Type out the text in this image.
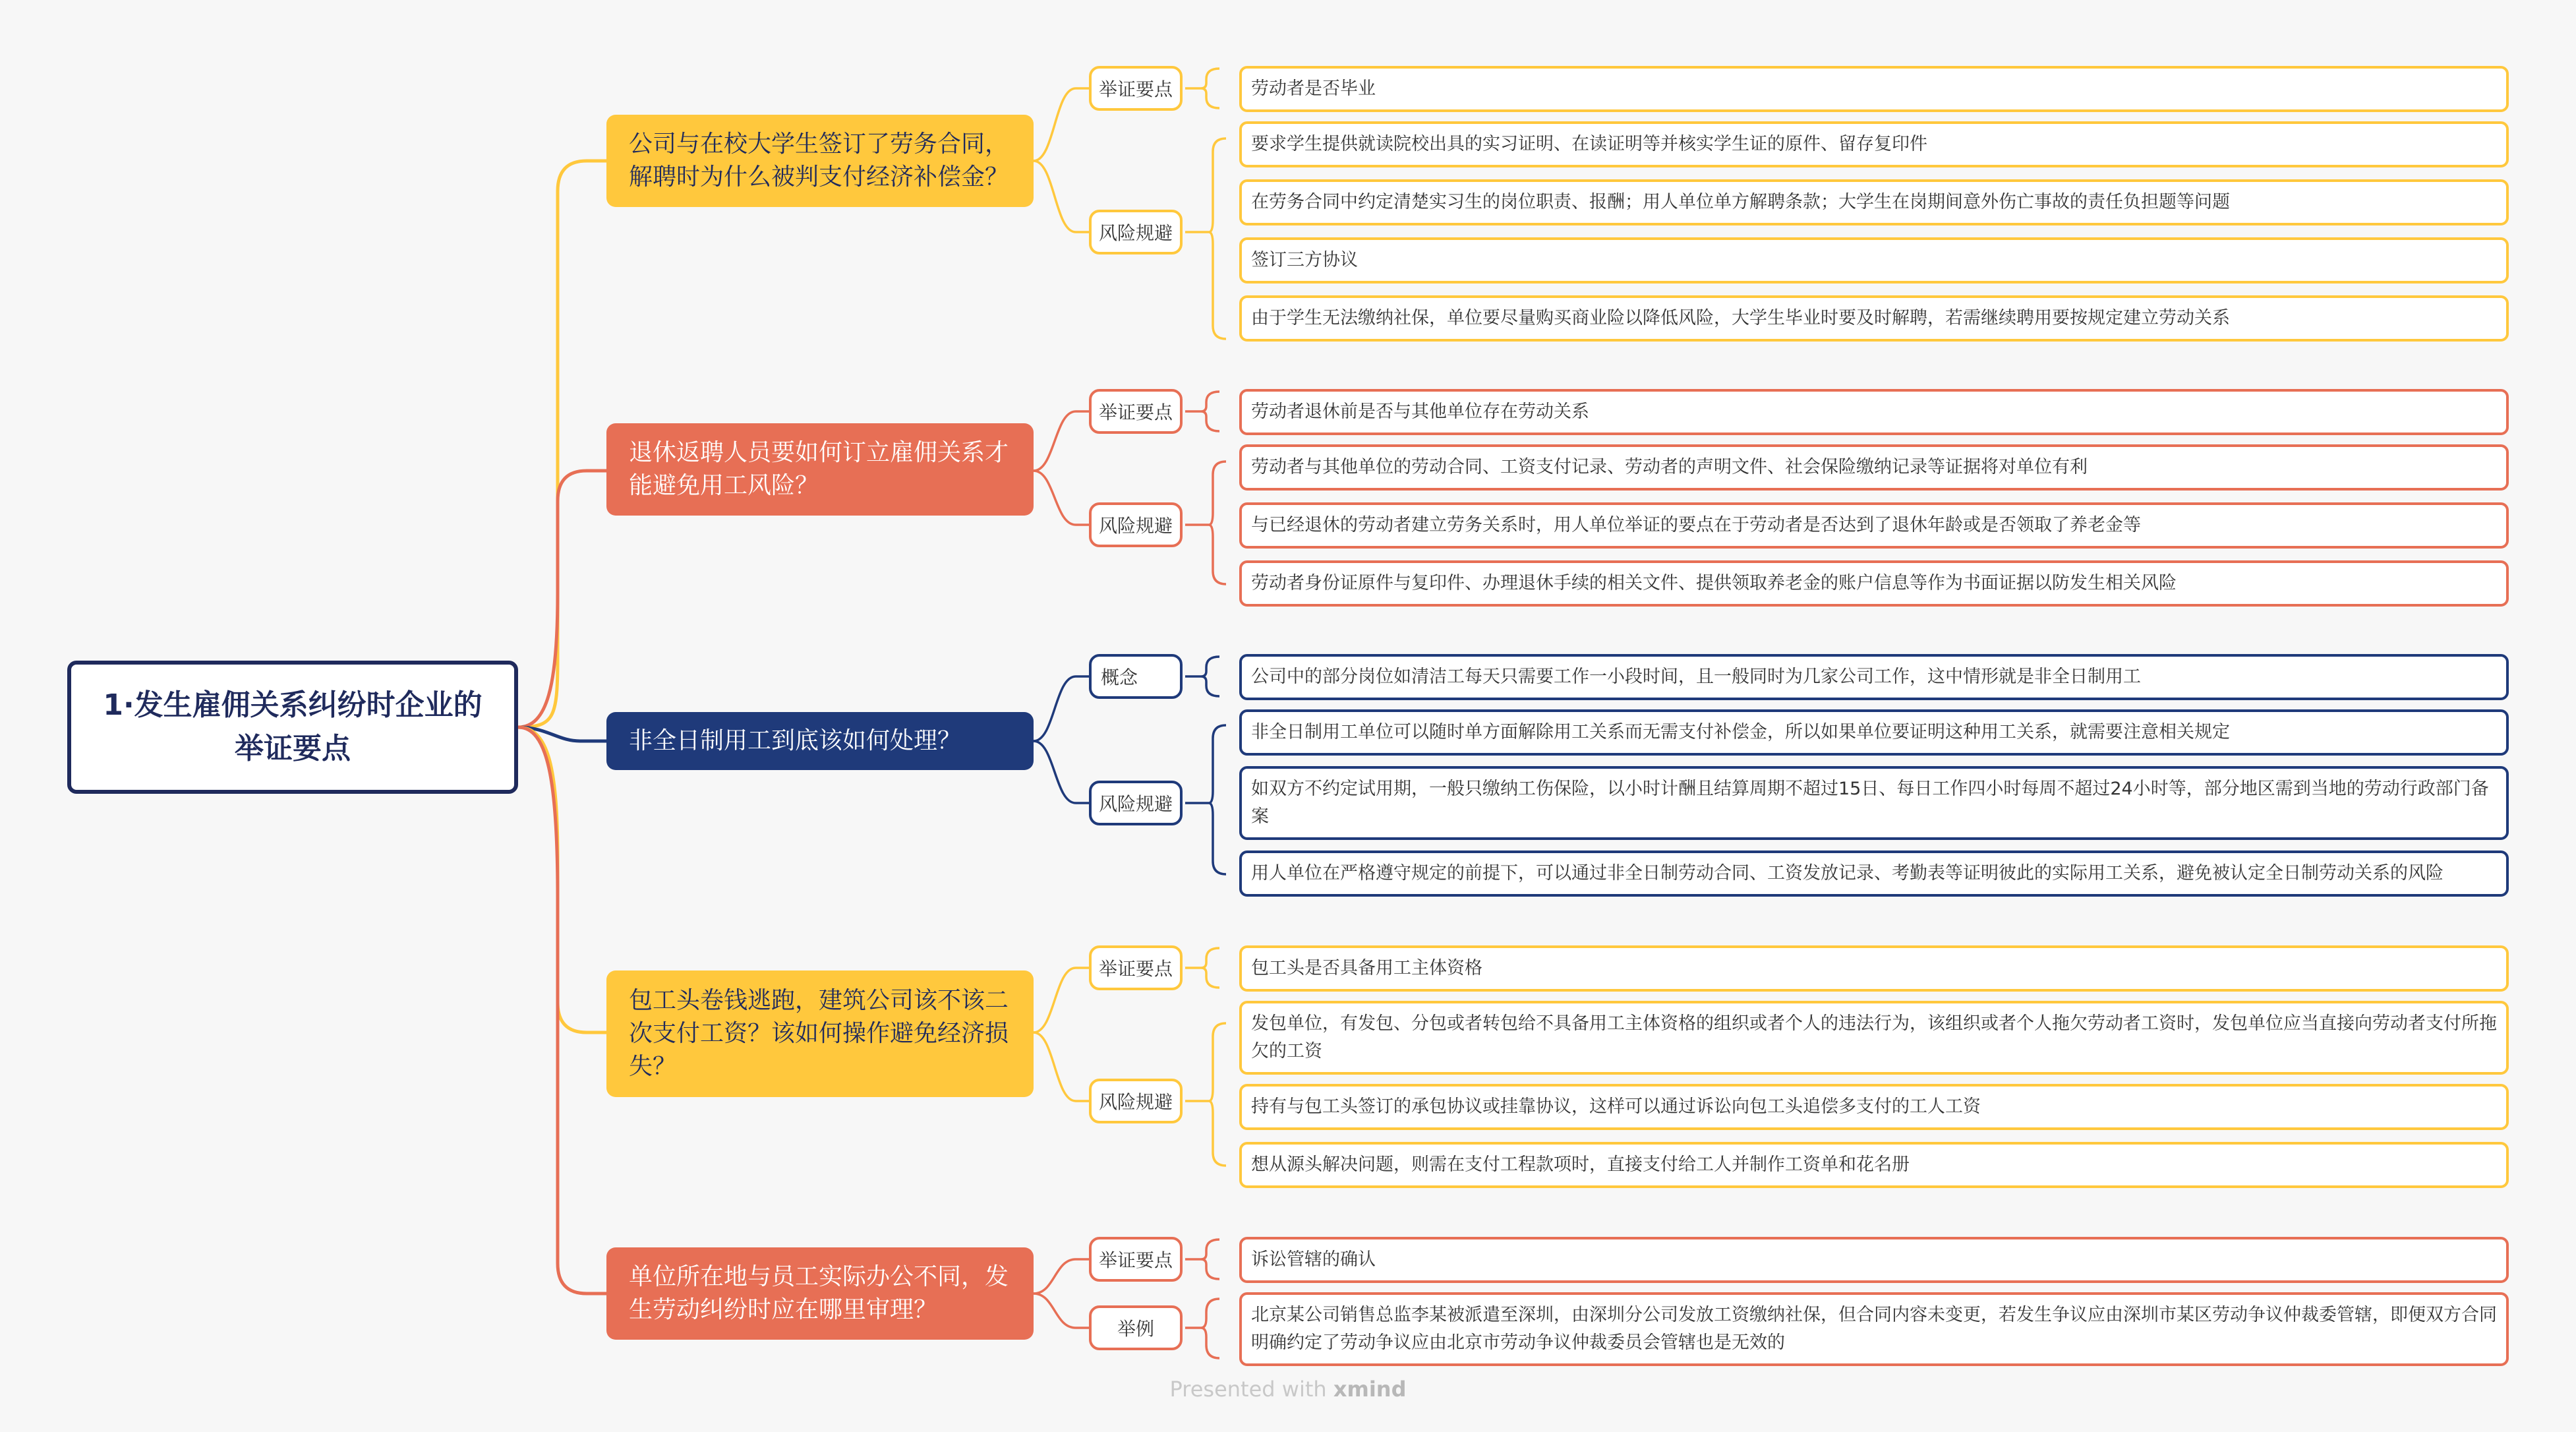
1·发生雇佣关系纠纷时企业的举证要点
公司与在校大学生签订了劳务合同，解聘时为什么被判支付经济补偿金？
举证要点
风险规避
劳动者是否毕业
要求学生提供就读院校出具的实习证明、在读证明等并核实学生证的原件、留存复印件
在劳务合同中约定清楚实习生的岗位职责、报酬；用人单位单方解聘条款；大学生在岗期间意外伤亡事故的责任负担题等问题
签订三方协议
由于学生无法缴纳社保，单位要尽量购买商业险以降低风险，大学生毕业时要及时解聘，若需继续聘用要按规定建立劳动关系
退休返聘人员要如何订立雇佣关系才能避免用工风险？
举证要点
风险规避
劳动者退休前是否与其他单位存在劳动关系
劳动者与其他单位的劳动合同、工资支付记录、劳动者的声明文件、社会保险缴纳记录等证据将对单位有利
与已经退休的劳动者建立劳务关系时，用人单位举证的要点在于劳动者是否达到了退休年龄或是否领取了养老金等
劳动者身份证原件与复印件、办理退休手续的相关文件、提供领取养老金的账户信息等作为书面证据以防发生相关风险
非全日制用工到底该如何处理？
概念
风险规避
公司中的部分岗位如清洁工每天只需要工作一小段时间，且一般同时为几家公司工作，这中情形就是非全日制用工
非全日制用工单位可以随时单方面解除用工关系而无需支付补偿金，所以如果单位要证明这种用工关系，就需要注意相关规定
如双方不约定试用期，一般只缴纳工伤保险，以小时计酬且结算周期不超过15日、每日工作四小时每周不超过24小时等，部分地区需到当地的劳动行政部门备案
用人单位在严格遵守规定的前提下，可以通过非全日制劳动合同、工资发放记录、考勤表等证明彼此的实际用工关系，避免被认定全日制劳动关系的风险
包工头卷钱逃跑，建筑公司该不该二次支付工资？该如何操作避免经济损失？
举证要点
风险规避
包工头是否具备用工主体资格
发包单位，有发包、分包或者转包给不具备用工主体资格的组织或者个人的违法行为，该组织或者个人拖欠劳动者工资时，发包单位应当直接向劳动者支付所拖欠的工资
持有与包工头签订的承包协议或挂靠协议，这样可以通过诉讼向包工头追偿多支付的工人工资
想从源头解决问题，则需在支付工程款项时，直接支付给工人并制作工资单和花名册
单位所在地与员工实际办公不同，发生劳动纠纷时应在哪里审理？
举证要点
举例
诉讼管辖的确认
北京某公司销售总监李某被派遣至深圳，由深圳分公司发放工资缴纳社保，但合同内容未变更，若发生争议应由深圳市某区劳动争议仲裁委管辖，即便双方合同明确约定了劳动争议应由北京市劳动争议仲裁委员会管辖也是无效的
Presented with xmind
